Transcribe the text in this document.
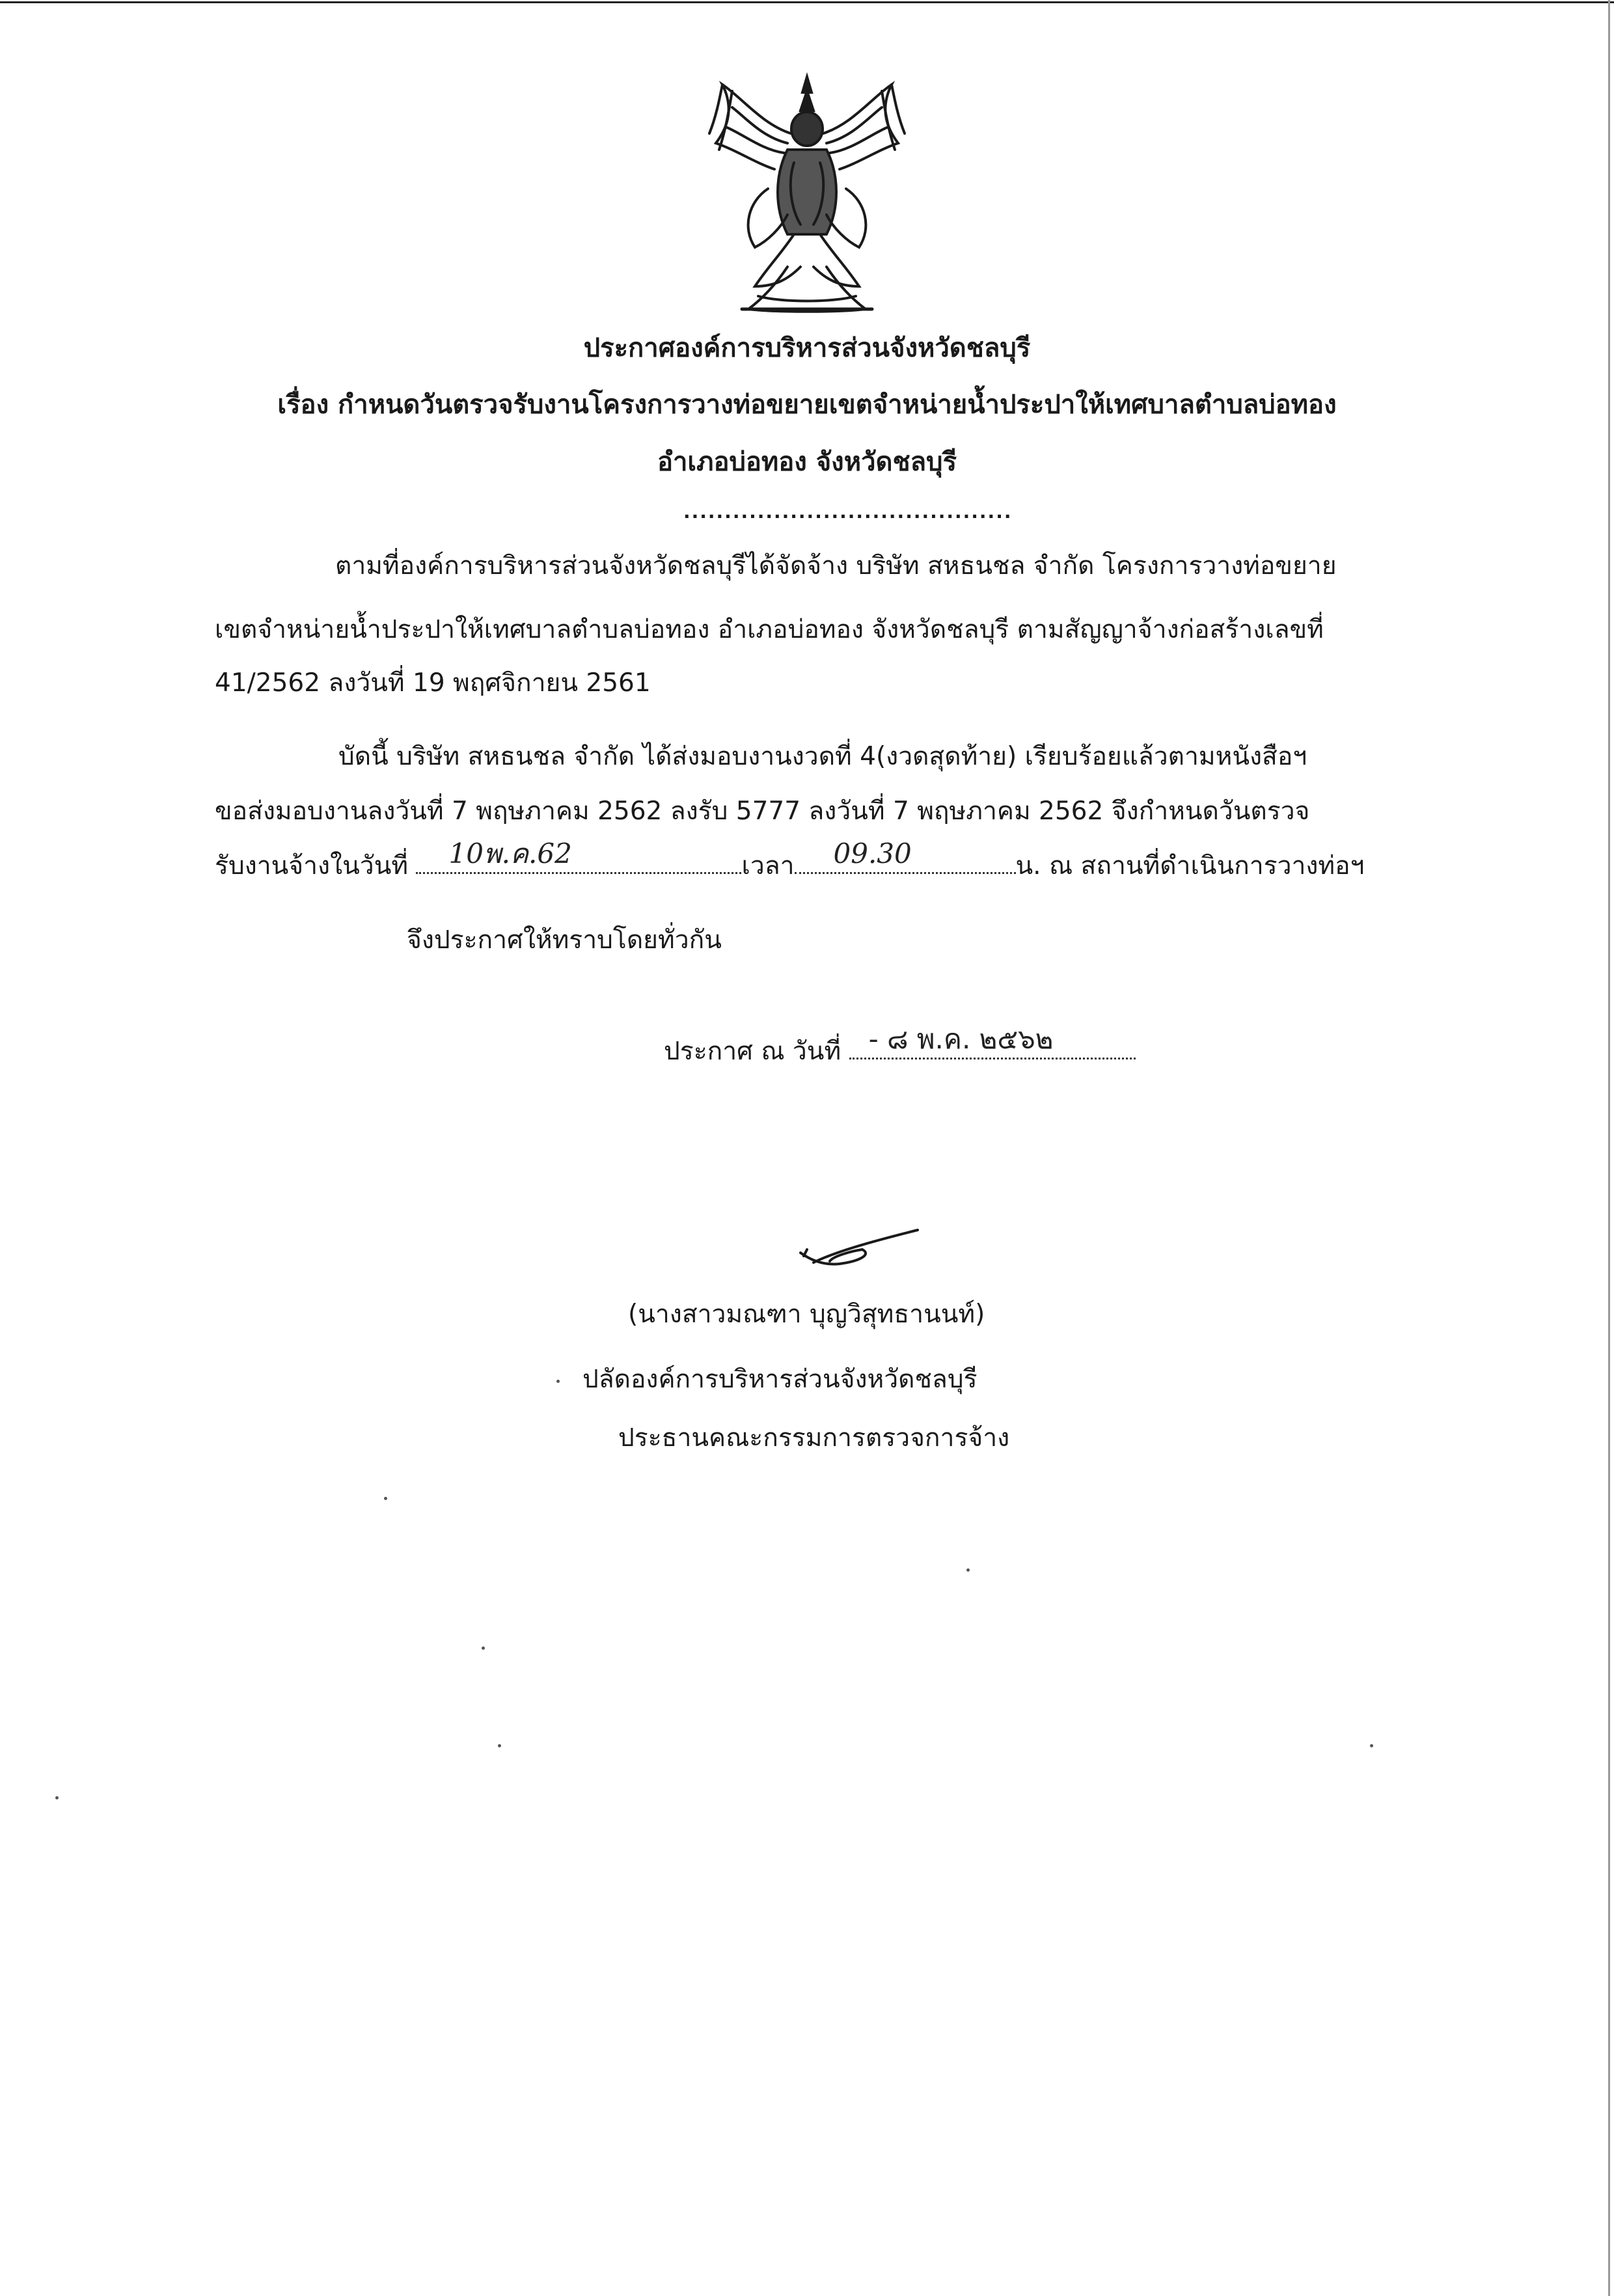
ประกาศองค์การบริหารส่วนจังหวัดชลบุรี
เรื่อง กำหนดวันตรวจรับงานโครงการวางท่อขยายเขตจำหน่ายน้ำประปาให้เทศบาลตำบลบ่อทอง
อำเภอบ่อทอง จังหวัดชลบุรี
........................................
ตามที่องค์การบริหารส่วนจังหวัดชลบุรีได้จัดจ้าง บริษัท สหธนชล จำกัด โครงการวางท่อขยาย
เขตจำหน่ายน้ำประปาให้เทศบาลตำบลบ่อทอง อำเภอบ่อทอง จังหวัดชลบุรี ตามสัญญาจ้างก่อสร้างเลขที่
41/2562 ลงวันที่ 19 พฤศจิกายน 2561
บัดนี้ บริษัท สหธนชล จำกัด ได้ส่งมอบงานงวดที่ 4(งวดสุดท้าย) เรียบร้อยแล้วตามหนังสือฯ
ขอส่งมอบงานลงวันที่ 7 พฤษภาคม 2562 ลงรับ 5777 ลงวันที่ 7 พฤษภาคม 2562 จึงกำหนดวันตรวจ
รับงานจ้างในวันที่ 10พ.ค.62	เวลา 09.30	น. ณ สถานที่ดำเนินการวางท่อฯ
จึงประกาศให้ทราบโดยทั่วกัน
ประกาศ ณ วันที่ - ๘ พ.ค. ๒๕๖๒
(นางสาวมณฑา บุญวิสุทธานนท์)
ปลัดองค์การบริหารส่วนจังหวัดชลบุรี
ประธานคณะกรรมการตรวจการจ้าง
